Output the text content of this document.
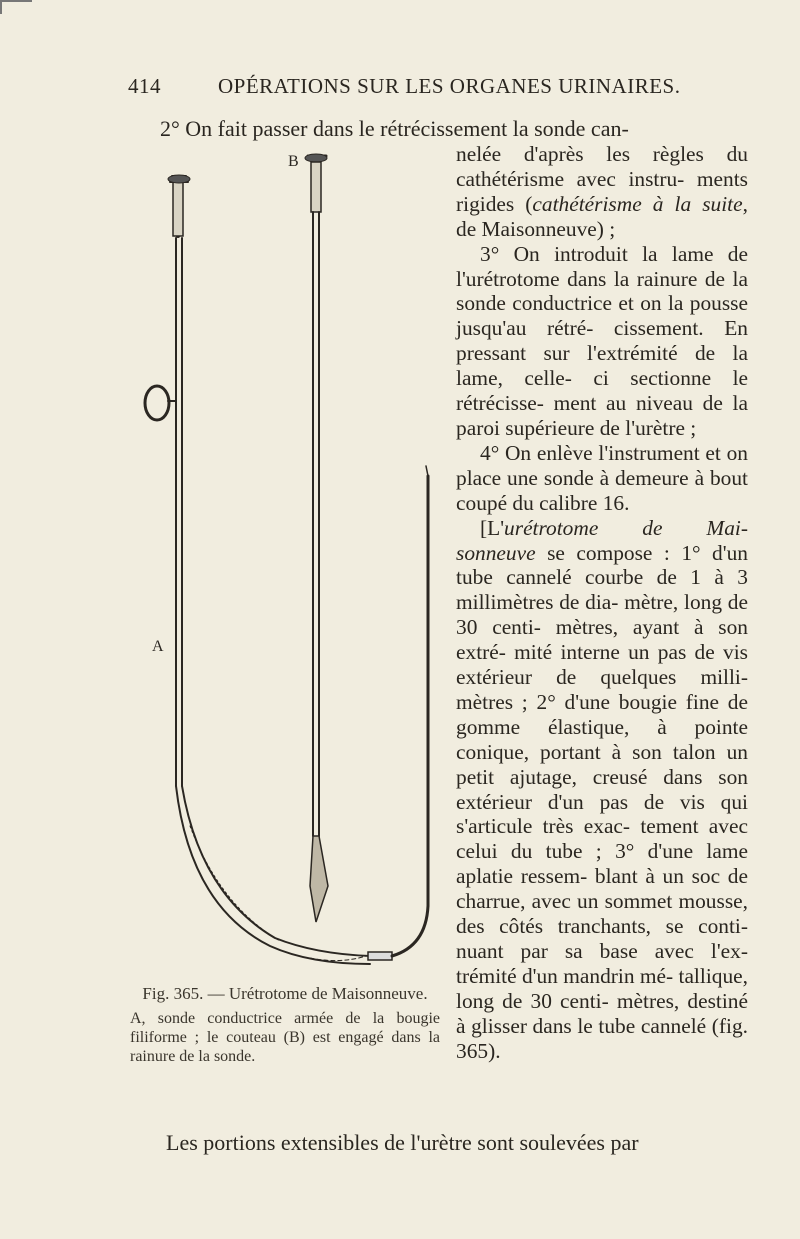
414	OPÉRATIONS SUR LES ORGANES URINAIRES.
2° On fait passer dans le rétrécissement la sonde can-
A
B
Fig. 365. — Urétrotome de Maisonneuve.
A, sonde conductrice armée de la bougie filiforme ; le couteau (B) est engagé dans la rainure de la sonde.

nelée d'après les règles du cathétérisme avec instru- ments rigides (cathétérisme à la suite, de Maisonneuve) ;

3° On introduit la lame de l'urétrotome dans la rainure de la sonde conductrice et on la pousse jusqu'au rétré- cissement. En pressant sur l'extrémité de la lame, celle- ci sectionne le rétrécisse- ment au niveau de la paroi supérieure de l'urètre ;

4° On enlève l'instrument et on place une sonde à demeure à bout coupé du calibre 16.

[L'urétrotome de Mai- sonneuve se compose : 1° d'un tube cannelé courbe de 1 à 3 millimètres de dia- mètre, long de 30 centi- mètres, ayant à son extré- mité interne un pas de vis extérieur de quelques milli- mètres ; 2° d'une bougie fine de gomme élastique, à pointe conique, portant à son talon un petit ajutage, creusé dans son extérieur d'un pas de vis qui s'articule très exac- tement avec celui du tube ; 3° d'une lame aplatie ressem- blant à un soc de charrue, avec un sommet mousse, des côtés tranchants, se conti- nuant par sa base avec l'ex- trémité d'un mandrin mé- tallique, long de 30 centi- mètres, destiné à glisser dans le tube cannelé (fig. 365).

Les portions extensibles de l'urètre sont soulevées par
